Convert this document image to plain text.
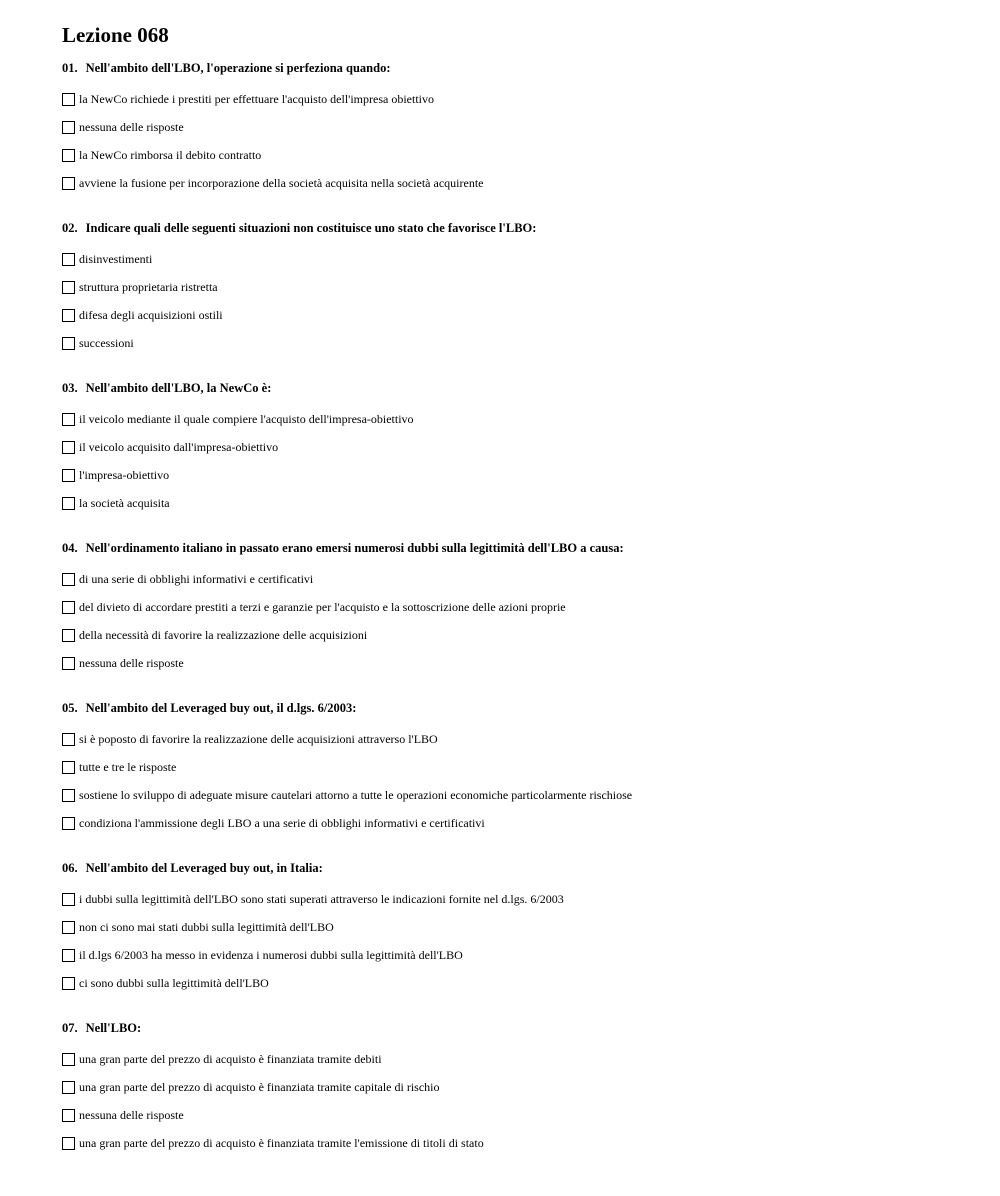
Lezione 068
01. Nell'ambito dell'LBO, l'operazione si perfeziona quando:
la NewCo richiede i prestiti per effettuare l'acquisto dell'impresa obiettivo
nessuna delle risposte
la NewCo rimborsa il debito contratto
avviene la fusione per incorporazione della società acquisita nella società acquirente
02. Indicare quali delle seguenti situazioni non costituisce uno stato che favorisce l'LBO:
disinvestimenti
struttura proprietaria ristretta
difesa degli acquisizioni ostili
successioni
03. Nell'ambito dell'LBO, la NewCo è:
il veicolo mediante il quale compiere l'acquisto dell'impresa-obiettivo
il veicolo acquisito dall'impresa-obiettivo
l'impresa-obiettivo
la società acquisita
04. Nell'ordinamento italiano in passato erano emersi numerosi dubbi sulla legittimità dell'LBO a causa:
di una serie di obblighi informativi e certificativi
del divieto di accordare prestiti a terzi e garanzie per l'acquisto e la sottoscrizione delle azioni proprie
della necessità di favorire la realizzazione delle acquisizioni
nessuna delle risposte
05. Nell'ambito del Leveraged buy out, il d.lgs. 6/2003:
si è poposto di favorire la realizzazione delle acquisizioni attraverso l'LBO
tutte e tre le risposte
sostiene lo sviluppo di adeguate misure cautelari attorno a tutte le operazioni economiche particolarmente rischiose
condiziona l'ammissione degli LBO a una serie di obblighi informativi e certificativi
06. Nell'ambito del Leveraged buy out, in Italia:
i dubbi sulla legittimità dell'LBO sono stati superati attraverso le indicazioni fornite nel d.lgs. 6/2003
non ci sono mai stati dubbi sulla legittimità dell'LBO
il d.lgs 6/2003 ha messo in evidenza i numerosi dubbi sulla legittimità dell'LBO
ci sono dubbi sulla legittimità dell'LBO
07. Nell'LBO:
una gran parte del prezzo di acquisto è finanziata tramite debiti
una gran parte del prezzo di acquisto è finanziata tramite capitale di rischio
nessuna delle risposte
una gran parte del prezzo di acquisto è finanziata tramite l'emissione di titoli di stato
